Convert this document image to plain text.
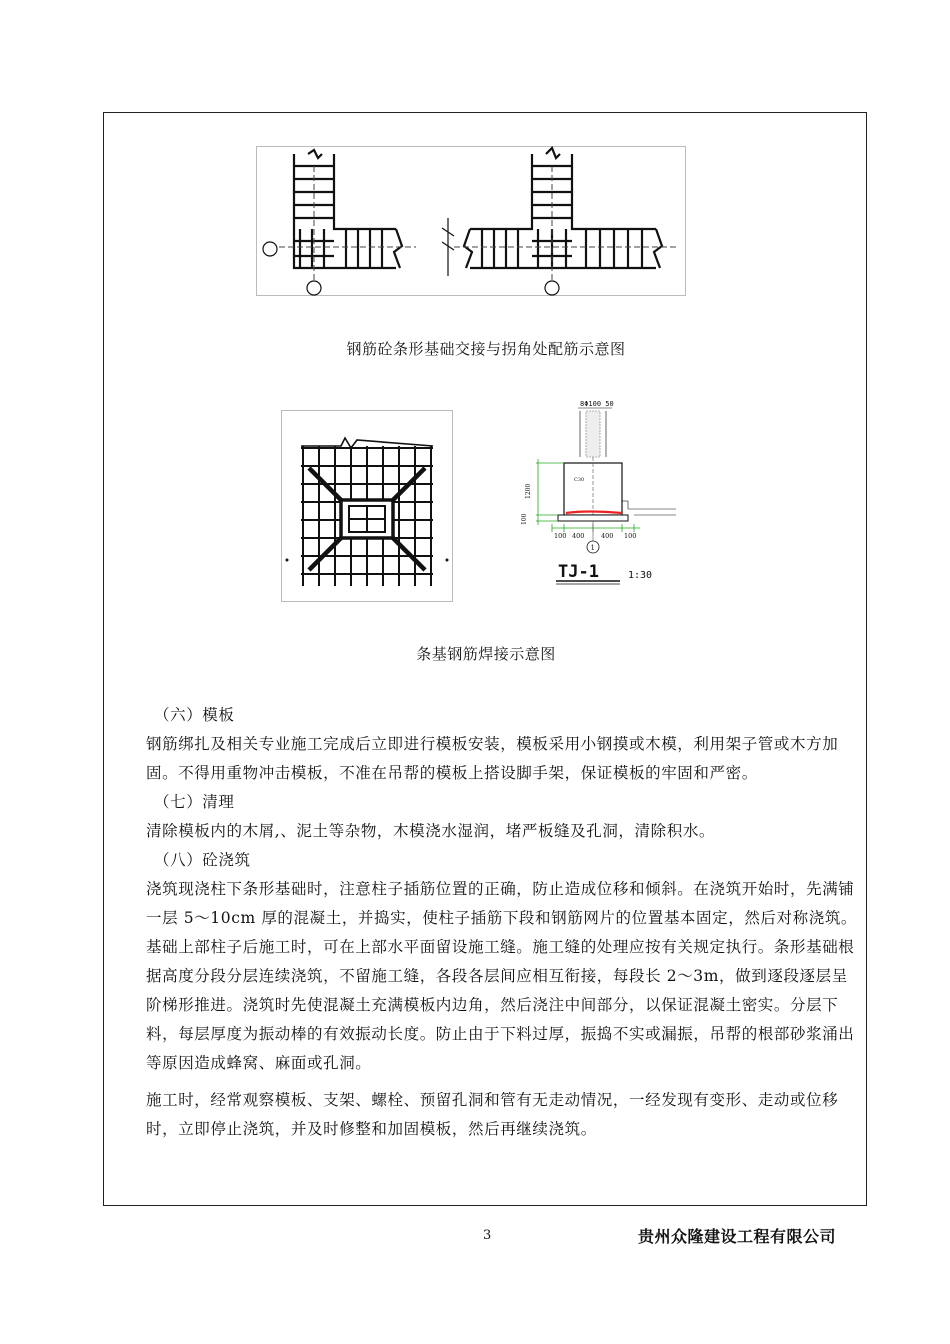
钢筋砼条形基础交接与拐角处配筋示意图
8Φ100 50
C30
1200
100
100 400	400 100
1
TJ-1	1:30
条基钢筋焊接示意图

（六）模板

钢筋绑扎及相关专业施工完成后立即进行模板安装，模板采用小钢摸或木模，利用架子管或木方加固。不得用重物冲击模板，不准在吊帮的模板上搭设脚手架，保证模板的牢固和严密。

（七）清理

清除模板内的木屑,、泥土等杂物，木模浇水湿润，堵严板缝及孔洞，清除积水。

（八）砼浇筑

浇筑现浇柱下条形基础时，注意柱子插筋位置的正确，防止造成位移和倾斜。在浇筑开始时，先满铺一层 5～10cm 厚的混凝土，并捣实，使柱子插筋下段和钢筋网片的位置基本固定，然后对称浇筑。基础上部柱子后施工时，可在上部水平面留设施工缝。施工缝的处理应按有关规定执行。条形基础根据高度分段分层连续浇筑，不留施工缝，各段各层间应相互衔接，每段长 2～3m，做到逐段逐层呈阶梯形推进。浇筑时先使混凝土充满模板内边角，然后浇注中间部分，以保证混凝土密实。分层下料，每层厚度为振动棒的有效振动长度。防止由于下料过厚，振捣不实或漏振，吊帮的根部砂浆涌出等原因造成蜂窝、麻面或孔洞。

施工时，经常观察模板、支架、螺栓、预留孔洞和管有无走动情况，一经发现有变形、走动或位移时，立即停止浇筑，并及时修整和加固模板，然后再继续浇筑。

3	贵州众隆建设工程有限公司
